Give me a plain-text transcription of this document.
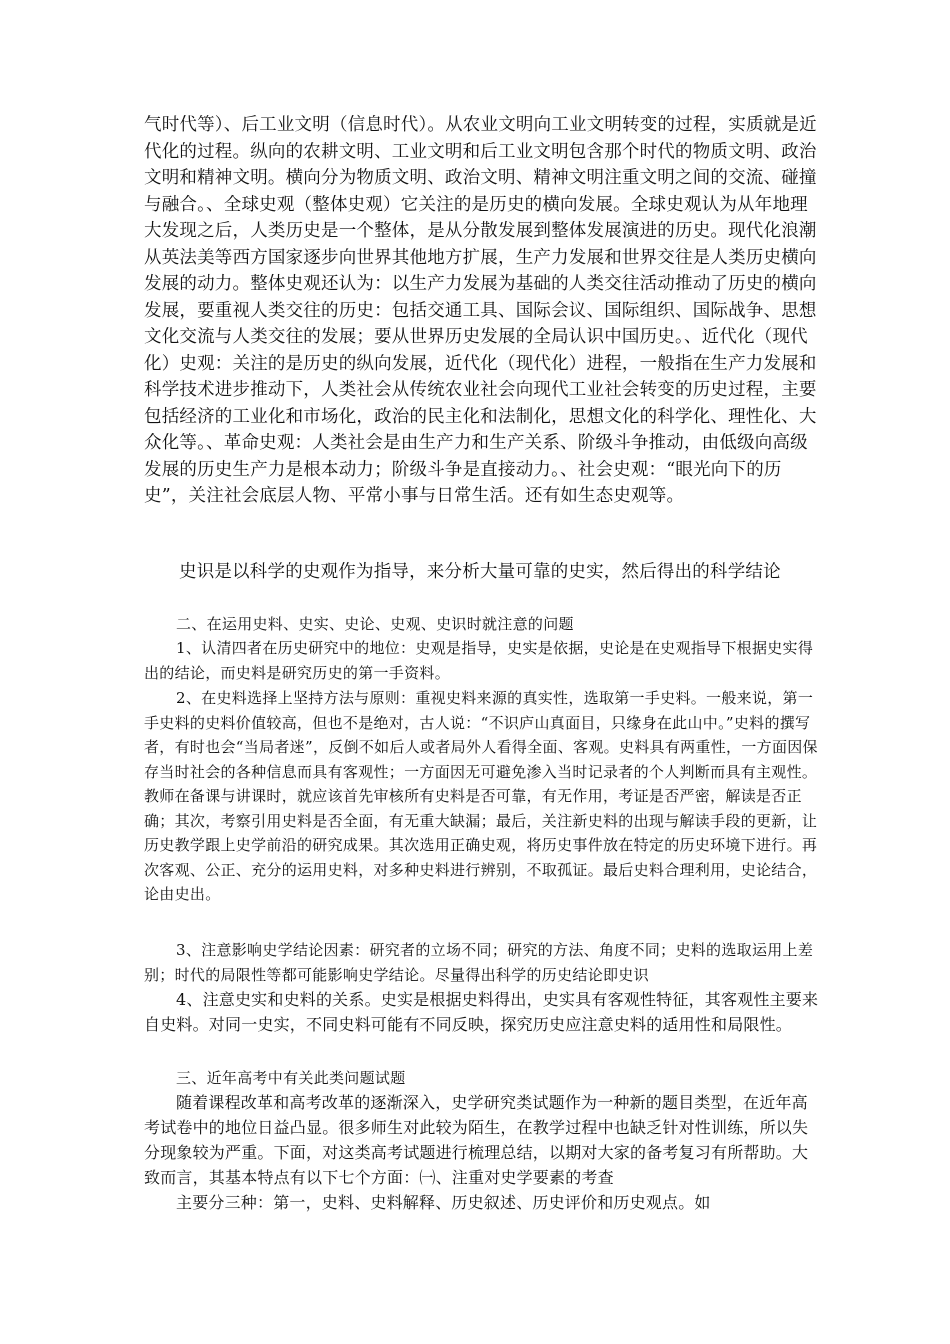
气时代等）、后工业文明（信息时代）。从农业文明向工业文明转变的过程，实质就是近代化的过程。纵向的农耕文明、工业文明和后工业文明包含那个时代的物质文明、政治文明和精神文明。横向分为物质文明、政治文明、精神文明注重文明之间的交流、碰撞与融合。、全球史观（整体史观）它关注的是历史的横向发展。全球史观认为从年地理大发现之后，人类历史是一个整体，是从分散发展到整体发展演进的历史。现代化浪潮从英法美等西方国家逐步向世界其他地方扩展，生产力发展和世界交往是人类历史横向发展的动力。整体史观还认为：以生产力发展为基础的人类交往活动推动了历史的横向发展，要重视人类交往的历史：包括交通工具、国际会议、国际组织、国际战争、思想文化交流与人类交往的发展；要从世界历史发展的全局认识中国历史。、近代化（现代化）史观：关注的是历史的纵向发展，近代化（现代化）进程，一般指在生产力发展和科学技术进步推动下，人类社会从传统农业社会向现代工业社会转变的历史过程，主要包括经济的工业化和市场化，政治的民主化和法制化，思想文化的科学化、理性化、大众化等。、革命史观：人类社会是由生产力和生产关系、阶级斗争推动，由低级向高级发展的历史生产力是根本动力；阶级斗争是直接动力。、社会史观：“眼光向下的历史”，关注社会底层人物、平常小事与日常生活。还有如生态史观等。

史识是以科学的史观作为指导，来分析大量可靠的史实，然后得出的科学结论

二、在运用史料、史实、史论、史观、史识时就注意的问题

1、认清四者在历史研究中的地位：史观是指导，史实是依据，史论是在史观指导下根据史实得出的结论，而史料是研究历史的第一手资料。

2、在史料选择上坚持方法与原则：重视史料来源的真实性，选取第一手史料。一般来说，第一手史料的史料价值较高，但也不是绝对，古人说：“不识庐山真面目，只缘身在此山中。”史料的撰写者，有时也会“当局者迷”，反倒不如后人或者局外人看得全面、客观。史料具有两重性，一方面因保存当时社会的各种信息而具有客观性；一方面因无可避免渗入当时记录者的个人判断而具有主观性。教师在备课与讲课时，就应该首先审核所有史料是否可靠，有无作用，考证是否严密，解读是否正确；其次，考察引用史料是否全面，有无重大缺漏；最后，关注新史料的出现与解读手段的更新，让历史教学跟上史学前沿的研究成果。其次选用正确史观，将历史事件放在特定的历史环境下进行。再次客观、公正、充分的运用史料，对多种史料进行辨别，不取孤证。最后史料合理利用，史论结合，论由史出。

3、注意影响史学结论因素：研究者的立场不同；研究的方法、角度不同；史料的选取运用上差别；时代的局限性等都可能影响史学结论。尽量得出科学的历史结论即史识

4、注意史实和史料的关系。史实是根据史料得出，史实具有客观性特征，其客观性主要来自史料。对同一史实，不同史料可能有不同反映，探究历史应注意史料的适用性和局限性。

三、近年高考中有关此类问题试题

随着课程改革和高考改革的逐渐深入，史学研究类试题作为一种新的题目类型，在近年高考试卷中的地位日益凸显。很多师生对此较为陌生，在教学过程中也缺乏针对性训练，所以失分现象较为严重。下面，对这类高考试题进行梳理总结，以期对大家的备考复习有所帮助。大致而言，其基本特点有以下七个方面：㈠、注重对史学要素的考查

主要分三种：第一，史料、史料解释、历史叙述、历史评价和历史观点。如
